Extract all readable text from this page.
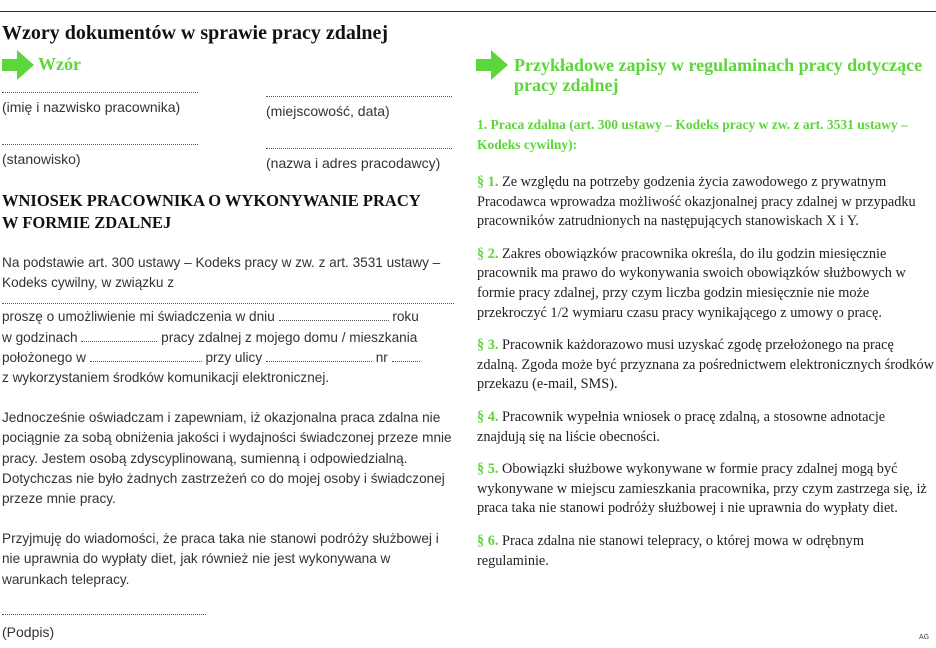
Wzory dokumentów w sprawie pracy zdalnej
Wzór
(imię i nazwisko pracownika)	(miejscowość, data)
(stanowisko)	(nazwa i adres pracodawcy)
WNIOSEK PRACOWNIKA O WYKONYWANIE PRACY
W FORMIE ZDALNEJ

Na podstawie art. 300 ustawy – Kodeks pracy w zw. z art. 3531 ustawy – Kodeks cywilny, w związku z

proszę o umożliwienie mi świadczenia w dniu	roku
w godzinach	pracy zdalnej z mojego domu / mieszkania
położonego w	przy ulicy	nr
z wykorzystaniem środków komunikacji elektronicznej.

Jednocześnie oświadczam i zapewniam, iż okazjonalna praca zdalna nie pociągnie za sobą obniżenia jakości i wydajności świadczonej przeze mnie pracy. Jestem osobą zdyscyplinowaną, sumienną i odpowiedzialną. Dotychczas nie było żadnych zastrzeżeń co do mojej osoby i świadczonej przeze mnie pracy.

Przyjmuję do wiadomości, że praca taka nie stanowi podróży służbowej i nie uprawnia do wypłaty diet, jak również nie jest wykonywana w warunkach telepracy.

(Podpis)
Przykładowe zapisy w regulaminach pracy dotyczące pracy zdalnej

1. Praca zdalna (art. 300 ustawy – Kodeks pracy w zw. z art. 3531 ustawy – Kodeks cywilny):

§ 1. Ze względu na potrzeby godzenia życia zawodowego z prywatnym Pracodawca wprowadza możliwość okazjonalnej pracy zdalnej w przypadku pracowników zatrudnionych na następujących stanowiskach X i Y.

§ 2. Zakres obowiązków pracownika określa, do ilu godzin miesięcznie pracownik ma prawo do wykonywania swoich obowiązków służbowych w formie pracy zdalnej, przy czym liczba godzin miesięcznie nie może przekroczyć 1/2 wymiaru czasu pracy wynikającego z umowy o pracę.

§ 3. Pracownik każdorazowo musi uzyskać zgodę przełożonego na pracę zdalną. Zgoda może być przyznana za pośrednictwem elektronicznych środków przekazu (e-mail, SMS).

§ 4. Pracownik wypełnia wniosek o pracę zdalną, a stosowne adnotacje znajdują się na liście obecności.

§ 5. Obowiązki służbowe wykonywane w formie pracy zdalnej mogą być wykonywane w miejscu zamieszkania pracownika, przy czym zastrzega się, iż praca taka nie stanowi podróży służbowej i nie uprawnia do wypłaty diet.

§ 6. Praca zdalna nie stanowi telepracy, o której mowa w odrębnym regulaminie.

AG
